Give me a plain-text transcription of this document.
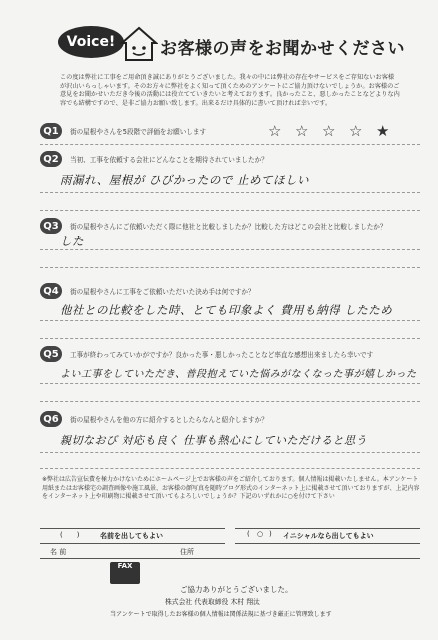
Voice!	お客様の声をお聞かせください
この度は弊社に工事をご用命頂き誠にありがとうございました。我々の中には弊社の存在やサービスをご存知ないお客様が沢山いらっしゃいます。そのお方々に弊社をよく知って頂くためのアンケートにご協力頂けないでしょうか。お客様のご意見をお聞かせいただき今後の活動には役立てていきたいと考えております。良かったこと、悪しかったことなどよりな内容でも結構ですので、是非ご協力お願い致します。出来るだけ具体的に書いて頂ければ幸いです。
Q1	街の屋根やさんを5段階で評価をお願いします	☆ ☆ ☆ ☆ ★
Q2	当初、工事を依頼する会社にどんなことを期待されていましたか？
雨漏れ、屋根が ひびかったので 止めてほしい
Q3	街の屋根やさんにご依頼いただく際に他社と比較しましたか？比較した方はどこの会社と比較しましたか？
した
Q4	街の屋根やさんに工事をご依頼いただいた決め手は何ですか？
他社との比較をした時、とても印象よく 費用も納得 したため
Q5	工事が終わってみていかがですか？良かった事・悪しかったことなど率直な感想出来ましたら幸いです
よい工事をしていただき、普段抱えていた悩みがなくなった事が嬉しかった
Q6	街の屋根やさんを他の方に紹介するとしたらなんと紹介しますか？
親切なおび 対応も良く 仕事も熱心にしていただけると思う
※弊社は広告宣伝費を極力かけないためにホームページ上でお客様の声をご紹介しております。個人情報は掲載いたしません。本アンケート用紙またはお客様宅の調査画像や施工風景、お客様の顔写真を随時ブログ形式のインターネット上に掲載させて頂いておりますが、上記内容をインターネット上や印刷物に掲載させて頂いてもよろしいでしょうか？下記のいずれかに○を付けて下さい
(　　)	名前を出してもよい	( ○ ) イニシャルなら出してもよい
名 前	住所
FAX
ご協力ありがとうございました。
株式会社 代表取締役 木村 翔汰
当アンケートで取得したお客様の個人情報は関係法規に基づき厳正に管理致します
